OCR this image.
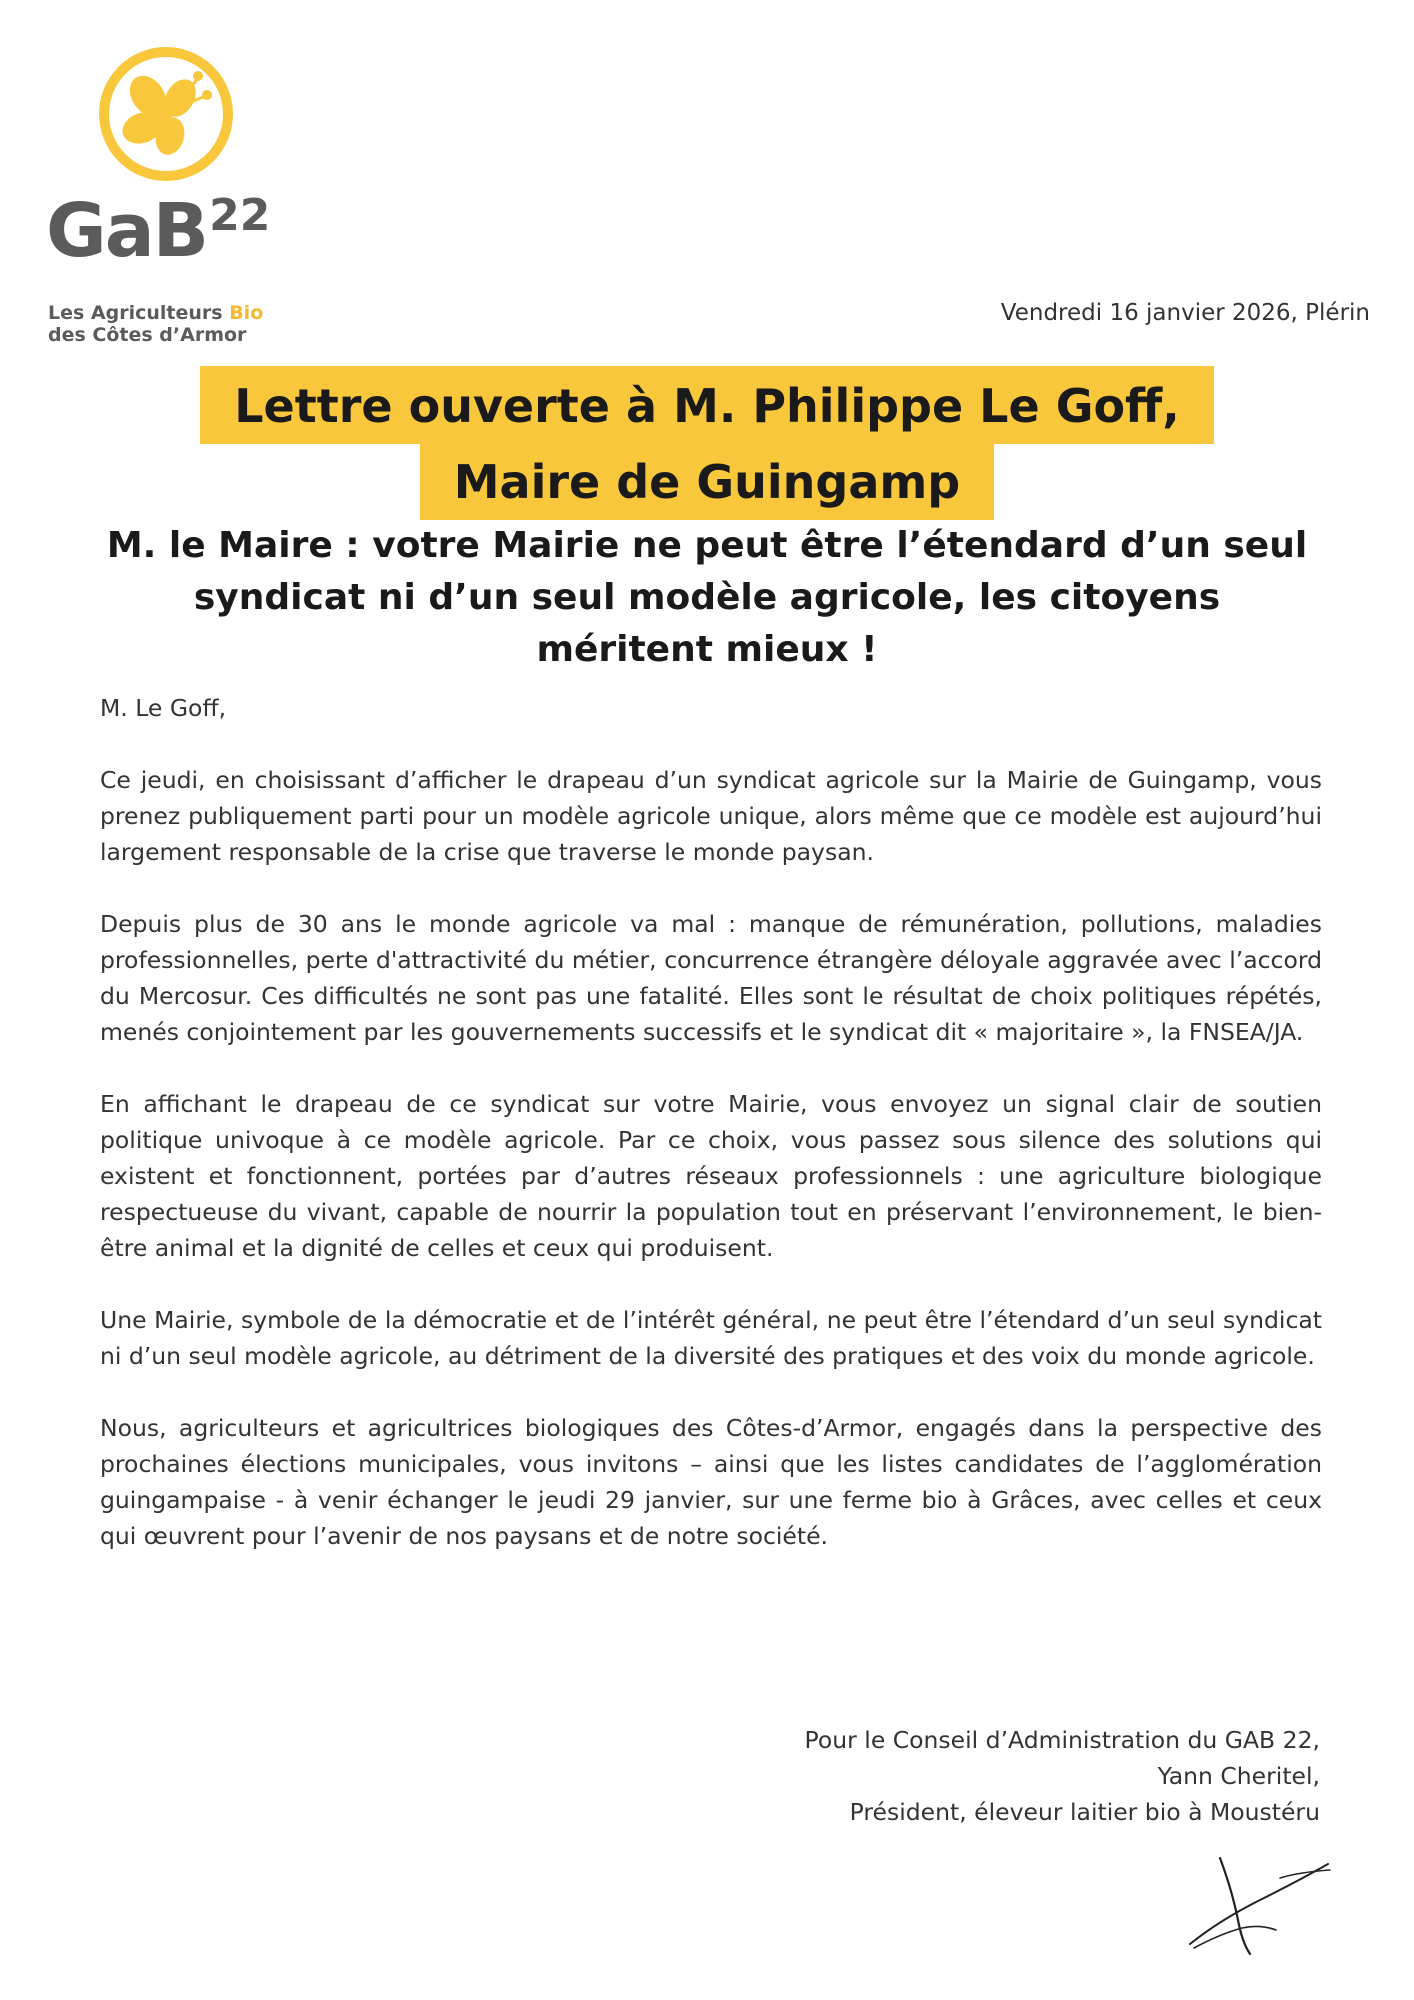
GaB$^{22}$
Les Agriculteurs Bio
des Côtes d’Armor
Vendredi 16 janvier 2026, Plérin
Lettre ouverte à M. Philippe Le Goff,
Maire de Guingamp
M. le Maire : votre Mairie ne peut être l’étendard d’un seul syndicat ni d’un seul modèle agricole, les citoyens méritent mieux !

M. Le Goff,

Ce jeudi, en choisissant d’afficher le drapeau d’un syndicat agricole sur la Mairie de Guingamp, vous prenez publiquement parti pour un modèle agricole unique, alors même que ce modèle est aujourd’hui largement responsable de la crise que traverse le monde paysan.

Depuis plus de 30 ans le monde agricole va mal : manque de rémunération, pollutions, maladies professionnelles, perte d'attractivité du métier, concurrence étrangère déloyale aggravée avec l’accord du Mercosur. Ces difficultés ne sont pas une fatalité. Elles sont le résultat de choix politiques répétés, menés conjointement par les gouvernements successifs et le syndicat dit « majoritaire », la FNSEA/JA.

En affichant le drapeau de ce syndicat sur votre Mairie, vous envoyez un signal clair de soutien politique univoque à ce modèle agricole. Par ce choix, vous passez sous silence des solutions qui existent et fonctionnent, portées par d’autres réseaux professionnels : une agriculture biologique respectueuse du vivant, capable de nourrir la population tout en préservant l’environnement, le bien-être animal et la dignité de celles et ceux qui produisent.

Une Mairie, symbole de la démocratie et de l’intérêt général, ne peut être l’étendard d’un seul syndicat ni d’un seul modèle agricole, au détriment de la diversité des pratiques et des voix du monde agricole.

Nous, agriculteurs et agricultrices biologiques des Côtes-d’Armor, engagés dans la perspective des prochaines élections municipales, vous invitons – ainsi que les listes candidates de l’agglomération guingampaise - à venir échanger le jeudi 29 janvier, sur une ferme bio à Grâces, avec celles et ceux qui œuvrent pour l’avenir de nos paysans et de notre société.

Pour le Conseil d’Administration du GAB 22,
Yann Cheritel,
Président, éleveur laitier bio à Moustéru
